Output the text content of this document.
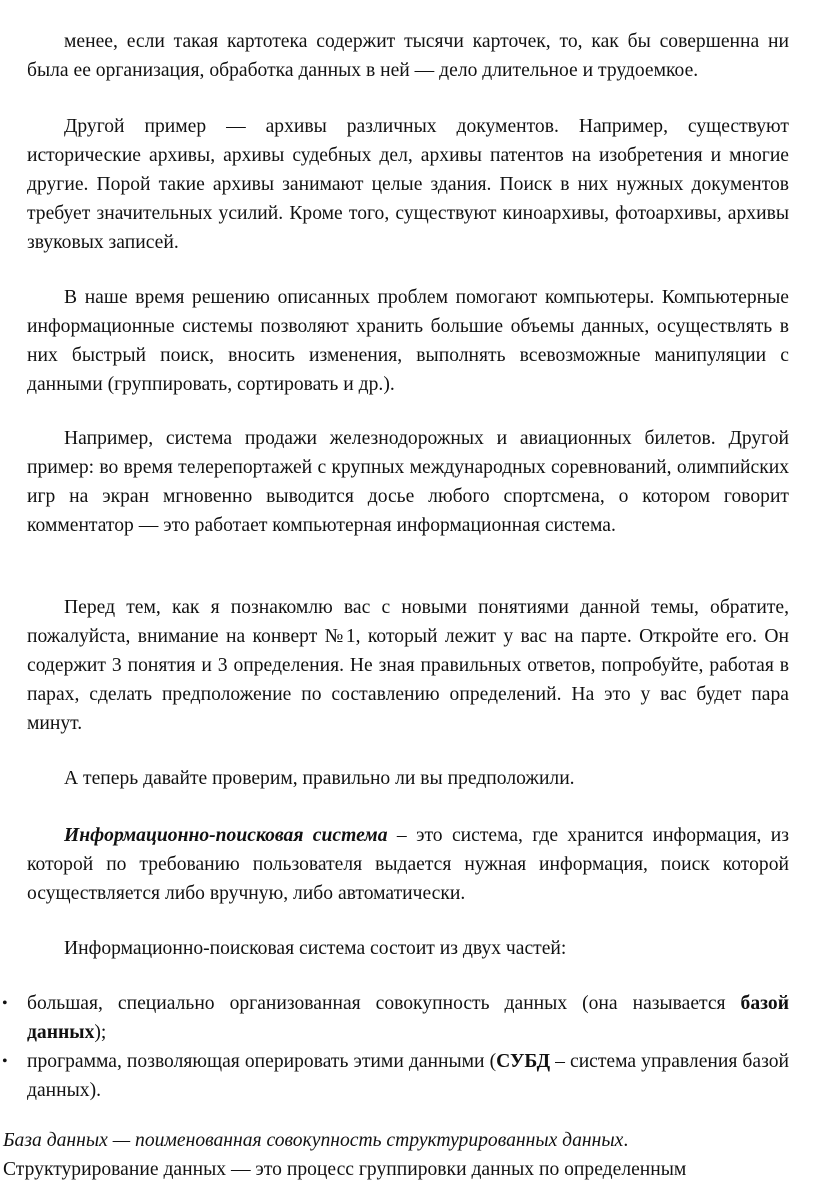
менее, если такая картотека содержит тысячи карточек, то, как бы совершенна ни была ее организация, обработка данных в ней — дело длительное и трудоемкое.
Другой пример — архивы различных документов. Например, существуют исторические архивы, архивы судебных дел, архивы патентов на изобретения и многие другие. Порой такие архивы занимают целые здания. Поиск в них нужных документов требует значительных усилий. Кроме того, существуют киноархивы, фотоархивы, архивы звуковых записей.
В наше время решению описанных проблем помогают компьютеры. Компьютерные информационные системы позволяют хранить большие объемы данных, осуществлять в них быстрый поиск, вносить изменения, выполнять всевозможные манипуляции с данными (группировать, сортировать и др.).
Например, система продажи железнодорожных и авиационных билетов. Другой пример: во время телерепортажей с крупных международных соревнований, олимпийских игр на экран мгновенно выводится досье любого спортсмена, о котором говорит комментатор — это работает компьютерная информационная система.
Перед тем, как я познакомлю вас с новыми понятиями данной темы, обратите, пожалуйста, внимание на конверт №1, который лежит у вас на парте. Откройте его. Он содержит 3 понятия и 3 определения. Не зная правильных ответов, попробуйте, работая в парах, сделать предположение по составлению определений. На это у вас будет пара минут.
А теперь давайте проверим, правильно ли вы предположили.
Информационно-поисковая система – это система, где хранится информация, из которой по требованию пользователя выдается нужная информация, поиск которой осуществляется либо вручную, либо автоматически.
Информационно-поисковая система состоит из двух частей:
• большая, специально организованная совокупность данных (она называется базой данных);
• программа, позволяющая оперировать этими данными (СУБД – система управления базой данных).
База данных — поименованная совокупность структурированных данных.
Структурирование данных — это процесс группировки данных по определенным
